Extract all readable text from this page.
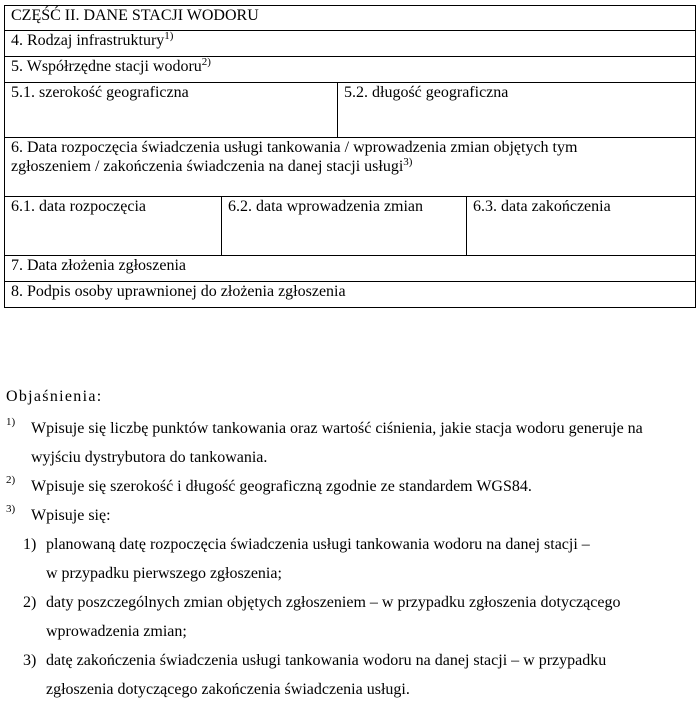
CZĘŚĆ II. DANE STACJI WODORU			
4. Rodzaj infrastruktury$^{1)}$
5. Współrzędne stacji wodoru$^{2)}$
5.1. szerokość geograficzna		5.2. długość geograficzna	
6. Data rozpoczęcia świadczenia usługi tankowania / wprowadzenia zmian objętych tym
zgłoszeniem / zakończenia świadczenia na danej stacji usługi$^{3)}$
6.1. data rozpoczęcia	6.2. data wprowadzenia zmian		6.3. data zakończenia
7. Data złożenia zgłoszenia			
8. Podpis osoby uprawnionej do złożenia zgłoszenia			
Objaśnienia:
1) Wpisuje się liczbę punktów tankowania oraz wartość ciśnienia, jakie stacja wodoru generuje na
wyjściu dystrybutora do tankowania.
2) Wpisuje się szerokość i długość geograficzną zgodnie ze standardem WGS84.
3) Wpisuje się:
1) planowaną datę rozpoczęcia świadczenia usługi tankowania wodoru na danej stacji –
w przypadku pierwszego zgłoszenia;
2) daty poszczególnych zmian objętych zgłoszeniem – w przypadku zgłoszenia dotyczącego
wprowadzenia zmian;
3) datę zakończenia świadczenia usługi tankowania wodoru na danej stacji – w przypadku
zgłoszenia dotyczącego zakończenia świadczenia usługi.
